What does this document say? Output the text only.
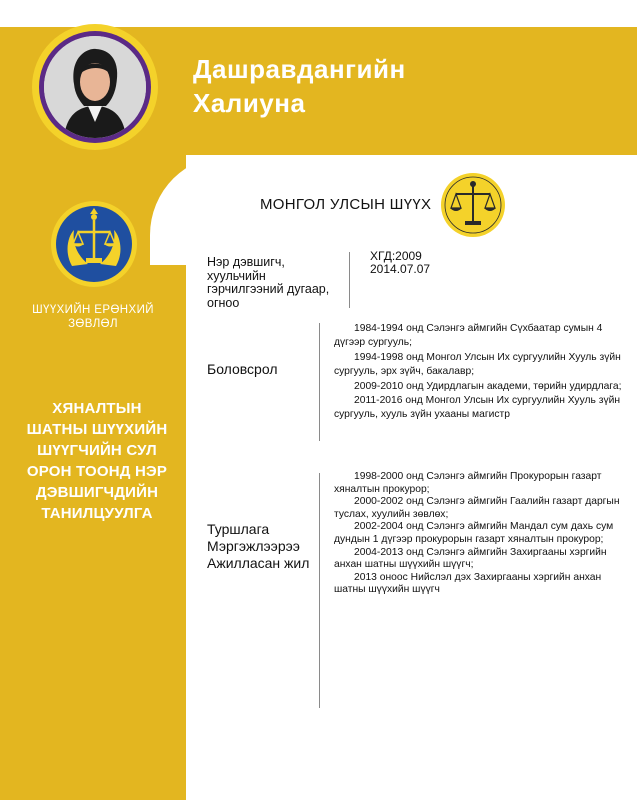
Дашравдангийн
Халиуна
МОНГОЛ УЛСЫН ШҮҮХ
ШҮҮХИЙН ЕРӨНХИЙ ЗӨВЛӨЛ
ХЯНАЛТЫН ШАТНЫ ШҮҮХИЙН ШҮҮГЧИЙН СУЛ ОРОН ТООНД НЭР ДЭВШИГЧДИЙН ТАНИЛЦУУЛГА
Нэр дэвшигч, хуульчийн гэрчилгээний дугаар, огноо
ХГД:2009
2014.07.07
Боловсрол

1984-1994 онд Сэлэнгэ аймгийн Сүхбаатар сумын 4 дүгээр сургууль;

1994-1998 онд Монгол Улсын Их сургуулийн Хууль зүйн сургууль, эрх зүйч, бакалавр;

2009-2010 онд Удирдлагын академи, төрийн удирдлага;

2011-2016 онд Монгол Улсын Их сургуулийн Хууль зүйн сургууль, хууль зүйн ухааны магистр

Туршлага
Мэргэжлээрээ
Ажилласан жил

1998-2000 онд Сэлэнгэ аймгийн Прокурорын газарт хяналтын прокурор;

2000-2002 онд Сэлэнгэ аймгийн Гаалийн газарт даргын туслах, хуулийн зөвлөх;

2002-2004 онд Сэлэнгэ аймгийн Мандал сум дахь сум дундын 1 дүгээр прокурорын газарт хяналтын прокурор;

2004-2013 онд Сэлэнгэ аймгийн Захиргааны хэргийн анхан шатны шүүхийн шүүгч;

2013 оноос Нийслэл дэх Захиргааны хэргийн анхан шатны шүүхийн шүүгч
